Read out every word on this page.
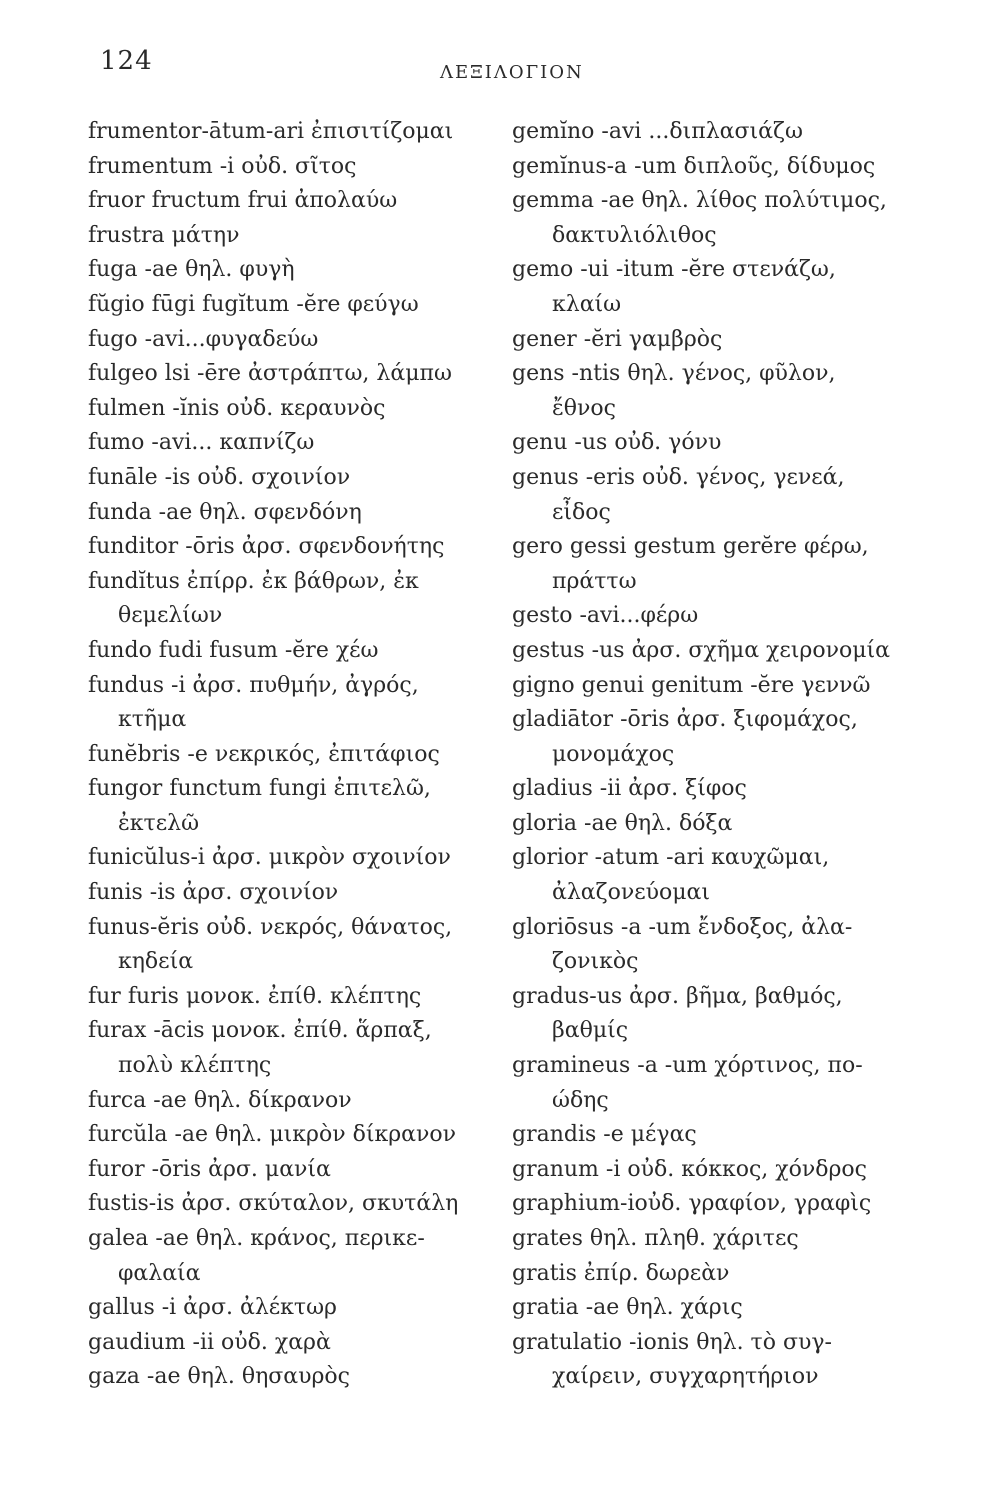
124	ΛΕΞΙΛΟΓΙΟΝ
frumentor-ātum-ari ἐπισιτίζομαι
frumentum -i οὐδ. σῖτος
fruor fructum frui ἀπολαύω
frustra μάτην
fuga -ae θηλ. φυγὴ
fŭgio fūgi fugĭtum -ĕre φεύγω
fugo -avi...φυγαδεύω
fulgeo lsi -ēre ἀστράπτω, λάμπω
fulmen -ĭnis οὐδ. κεραυνὸς
fumo -avi... καπνίζω
funāle -is οὐδ. σχοινίον
funda -ae θηλ. σφενδόνη
funditor -ōris ἀρσ. σφενδονήτης
fundĭtus ἐπίρρ. ἐκ βάθρων, ἐκ
θεμελίων
fundo fudi fusum -ĕre χέω
fundus -i ἀρσ. πυθμήν, ἀγρός,
κτῆμα
funĕbris -e νεκρικός, ἐπιτάφιος
fungor functum fungi ἐπιτελῶ,
ἐκτελῶ
funicŭlus-i ἀρσ. μικρὸν σχοινίον
funis -is ἀρσ. σχοινίον
funus-ĕris οὐδ. νεκρός, θάνατος,
κηδεία
fur furis μονοκ. ἐπίθ. κλέπτης
furax -ācis μονοκ. ἐπίθ. ἅρπαξ,
πολὺ κλέπτης
furca -ae θηλ. δίκρανον
furcŭla -ae θηλ. μικρὸν δίκρανον
furor -ōris ἀρσ. μανία
fustis-is ἀρσ. σκύταλον, σκυτάλη
galea -ae θηλ. κράνος, περικε-
φαλαία
gallus -i ἀρσ. ἀλέκτωρ
gaudium -ii οὐδ. χαρὰ
gaza -ae θηλ. θησαυρὸς
gemĭno -avi ...διπλασιάζω
gemĭnus-a -um διπλοῦς, δίδυμος
gemma -ae θηλ. λίθος πολύτιμος,
δακτυλιόλιθος
gemo -ui -itum -ĕre στενάζω,
κλαίω
gener -ĕri γαμβρὸς
gens -ntis θηλ. γένος, φῦλον,
ἔθνος
genu -us οὐδ. γόνυ
genus -eris οὐδ. γένος, γενεά,
εἶδος
gero gessi gestum gerĕre φέρω,
πράττω
gesto -avi...φέρω
gestus -us ἀρσ. σχῆμα χειρονομία
gigno genui genitum -ĕre γεννῶ
gladiātor -ōris ἀρσ. ξιφομάχος,
μονομάχος
gladius -ii ἀρσ. ξίφος
gloria -ae θηλ. δόξα
glorior -atum -ari καυχῶμαι,
ἀλαζονεύομαι
gloriōsus -a -um ἔνδοξος, ἀλα-
ζονικὸς
gradus-us ἀρσ. βῆμα, βαθμός,
βαθμίς
gramineus -a -um χόρτινος, πο-
ώδης
grandis -e μέγας
granum -i οὐδ. κόκκος, χόνδρος
graphium-iοὐδ. γραφίον, γραφὶς
grates θηλ. πληθ. χάριτες
gratis ἐπίρ. δωρεὰν
gratia -ae θηλ. χάρις
gratulatio -ionis θηλ. τὸ συγ-
χαίρειν, συγχαρητήριον
